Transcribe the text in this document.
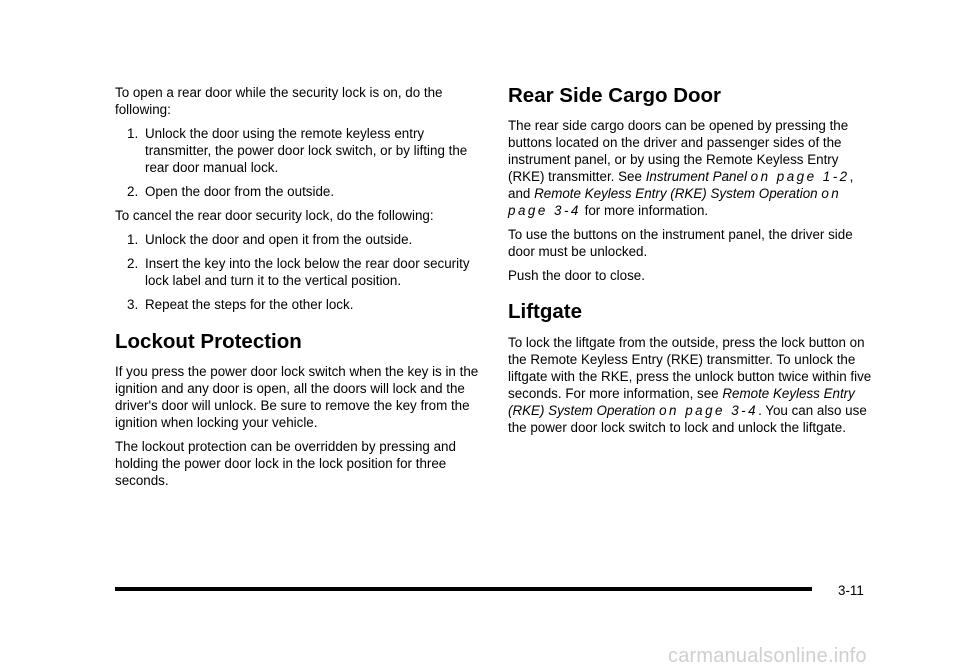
To open a rear door while the security lock is on, do the following:

1. Unlock the door using the remote keyless entry transmitter, the power door lock switch, or by lifting the rear door manual lock.
2. Open the door from the outside.

To cancel the rear door security lock, do the following:

1. Unlock the door and open it from the outside.
2. Insert the key into the lock below the rear door security lock label and turn it to the vertical position.
3. Repeat the steps for the other lock.
Lockout Protection

If you press the power door lock switch when the key is in the ignition and any door is open, all the doors will lock and the driver's door will unlock. Be sure to remove the key from the ignition when locking your vehicle.

The lockout protection can be overridden by pressing and holding the power door lock in the lock position for three seconds.

Rear Side Cargo Door

The rear side cargo doors can be opened by pressing the buttons located on the driver and passenger sides of the instrument panel, or by using the Remote Keyless Entry (RKE) transmitter. See Instrument Panel on page 1-2, and Remote Keyless Entry (RKE) System Operation on page 3-4 for more information.

To use the buttons on the instrument panel, the driver side door must be unlocked.

Push the door to close.

Liftgate

To lock the liftgate from the outside, press the lock button on the Remote Keyless Entry (RKE) transmitter. To unlock the liftgate with the RKE, press the unlock button twice within five seconds. For more information, see Remote Keyless Entry (RKE) System Operation on page 3-4. You can also use the power door lock switch to lock and unlock the liftgate.

3-11
carmanualsonline.info
